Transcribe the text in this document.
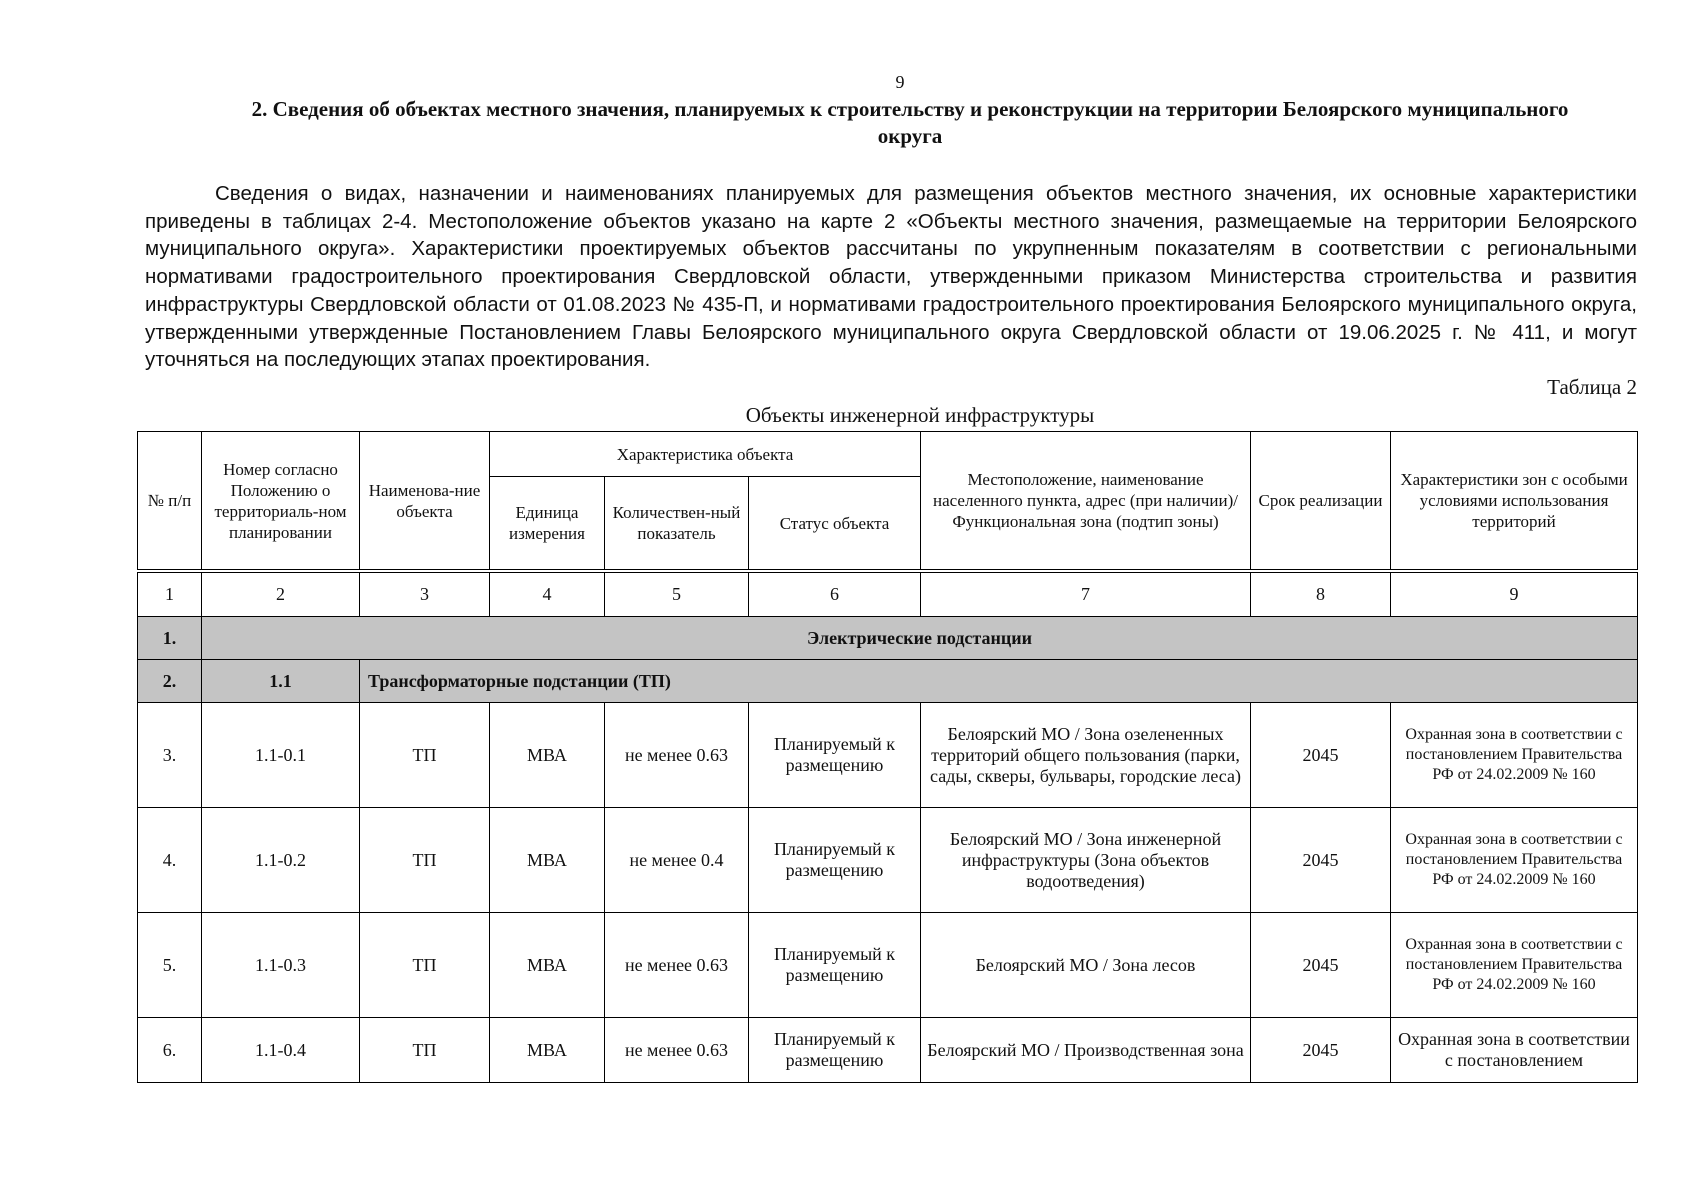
9
2. Сведения об объектах местного значения, планируемых к строительству и реконструкции на территории Белоярского муниципального округа

Сведения о видах, назначении и наименованиях планируемых для размещения объектов местного значения, их основные характеристики приведены в таблицах 2-4. Местоположение объектов указано на карте 2 «Объекты местного значения, размещаемые на территории Белоярского муниципального округа». Характеристики проектируемых объектов рассчитаны по укрупненным показателям в соответствии с региональными нормативами градостроительного проектирования Свердловской области, утвержденными приказом Министерства строительства и развития инфраструктуры Свердловской области от 01.08.2023 № 435-П, и нормативами градостроительного проектирования Белоярского муниципального округа, утвержденными утвержденные Постановлением Главы Белоярского муниципального округа Свердловской области от 19.06.2025 г. № 411, и могут уточняться на последующих этапах проектирования.

Таблица 2
Объекты инженерной инфраструктуры
№ п/п	Номер согласно Положению о территориаль-ном планировании	Наименова-ние объекта	Характеристика объекта			Местоположение, наименование населенного пункта, адрес (при наличии)/ Функциональная зона (подтип зоны)	Срок реализации	Характеристики зон с особыми условиями использования территорий
			Единица измерения	Количествен-ный показатель	Статус объекта			
1	2	3	4	5	6	7	8	9
1.	Электрические подстанции							
2.	1.1	Трансформаторные подстанции (ТП)						
3.	1.1-0.1	ТП	МВА	не менее 0.63	Планируемый к размещению	Белоярский МО / Зона озелененных территорий общего пользования (парки, сады, скверы, бульвары, городские леса)	2045	Охранная зона в соответствии с постановлением Правительства РФ от 24.02.2009 № 160
4.	1.1-0.2	ТП	МВА	не менее 0.4	Планируемый к размещению	Белоярский МО / Зона инженерной инфраструктуры (Зона объектов водоотведения)	2045	Охранная зона в соответствии с постановлением Правительства РФ от 24.02.2009 № 160
5.	1.1-0.3	ТП	МВА	не менее 0.63	Планируемый к размещению	Белоярский МО / Зона лесов	2045	Охранная зона в соответствии с постановлением Правительства РФ от 24.02.2009 № 160
6.	1.1-0.4	ТП	МВА	не менее 0.63	Планируемый к размещению	Белоярский МО / Производственная зона	2045	Охранная зона в соответствии с постановлением
